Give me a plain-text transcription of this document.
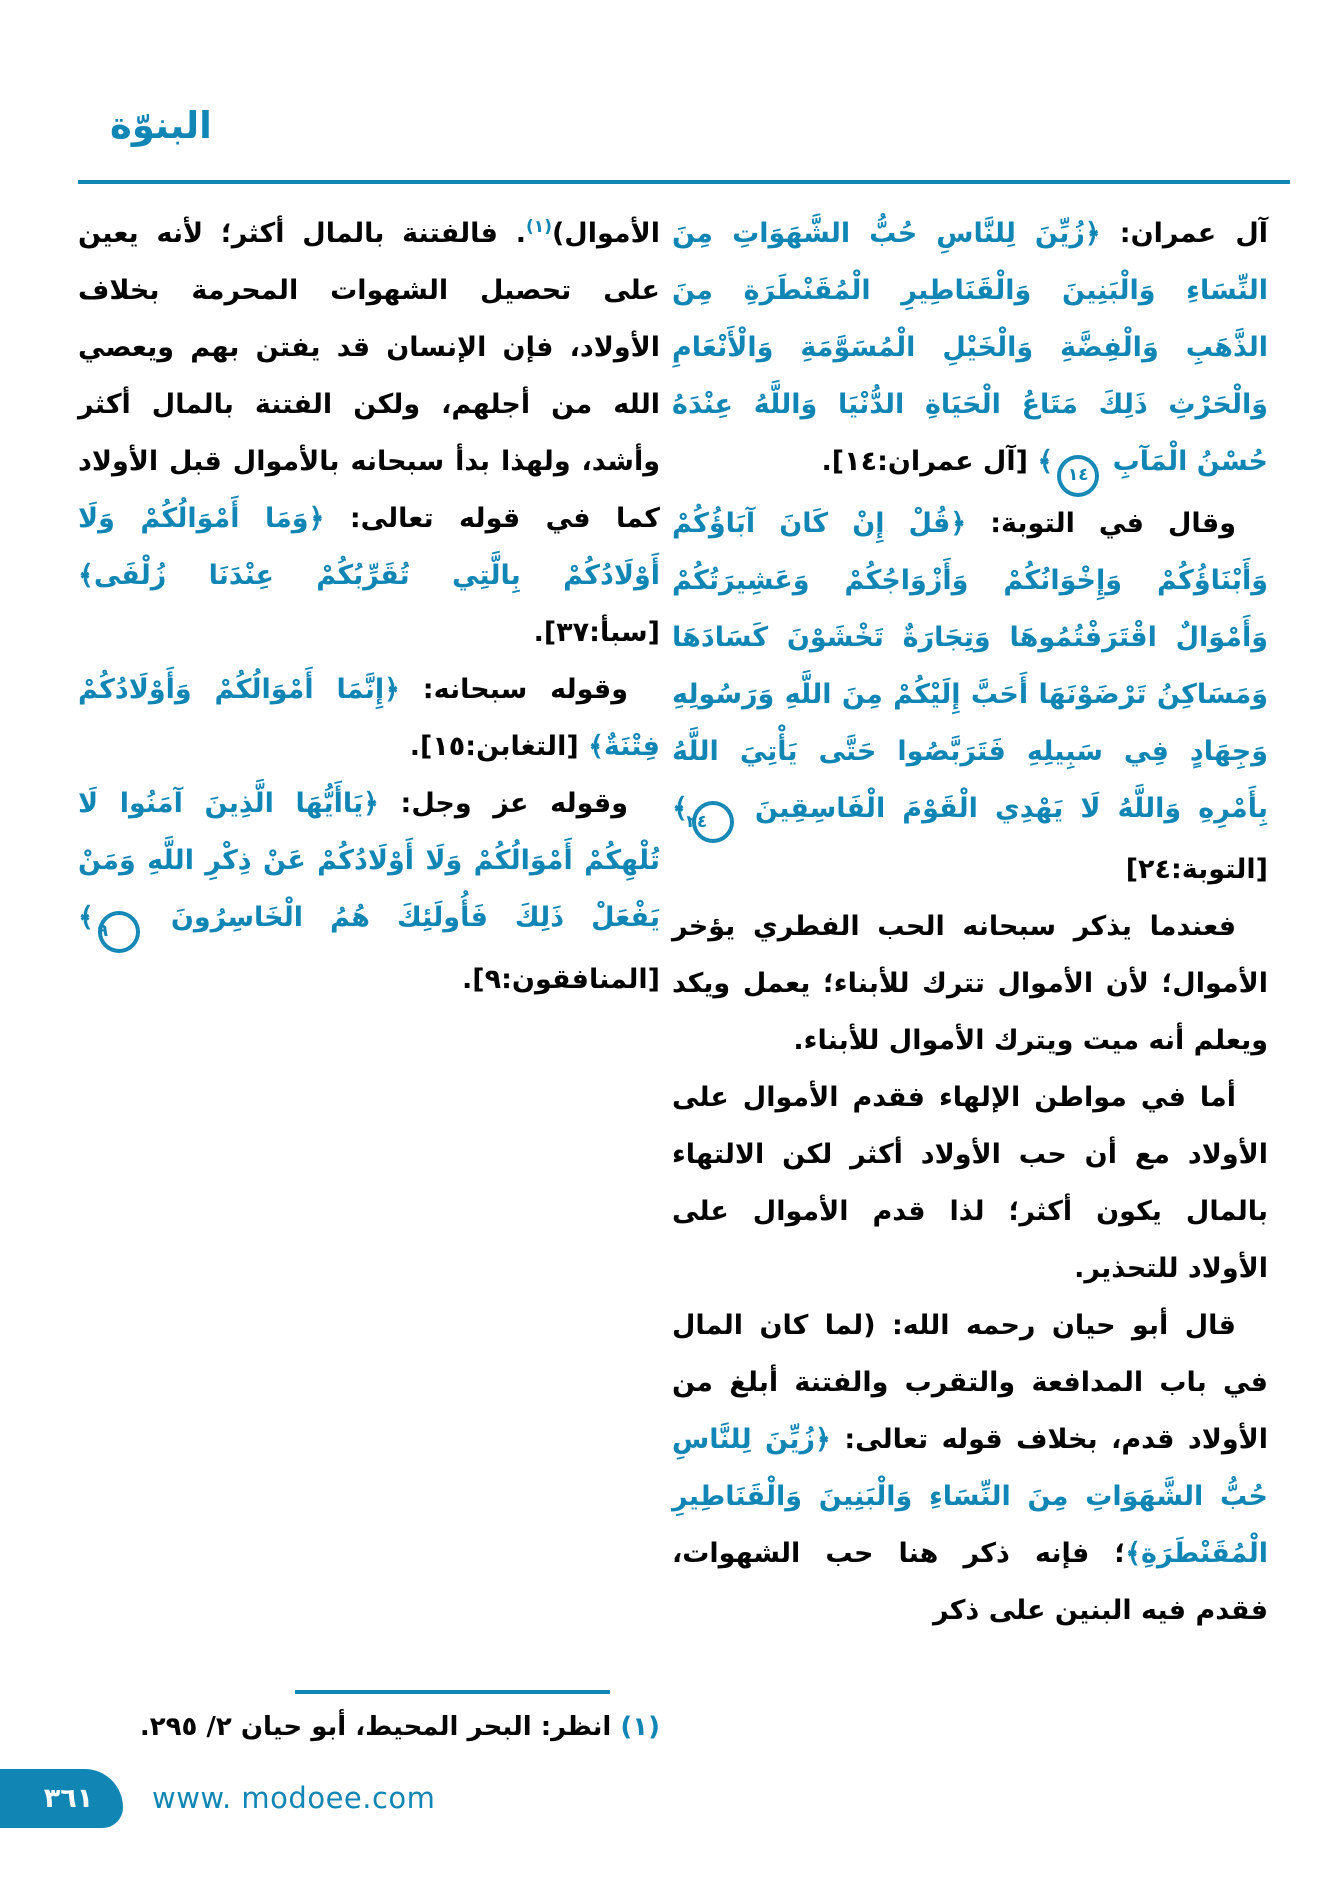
البنوّة

آل عمران: ﴿زُيِّنَ لِلنَّاسِ حُبُّ الشَّهَوَاتِ مِنَ النِّسَاءِ وَالْبَنِينَ وَالْقَنَاطِيرِ الْمُقَنْطَرَةِ مِنَ الذَّهَبِ وَالْفِضَّةِ وَالْخَيْلِ الْمُسَوَّمَةِ وَالْأَنْعَامِ وَالْحَرْثِ ذَلِكَ مَتَاعُ الْحَيَاةِ الدُّنْيَا وَاللَّهُ عِنْدَهُ حُسْنُ الْمَآبِ ١٤﴾ [آل عمران:١٤].

وقال في التوبة: ﴿قُلْ إِنْ كَانَ آبَاؤُكُمْ وَأَبْنَاؤُكُمْ وَإِخْوَانُكُمْ وَأَزْوَاجُكُمْ وَعَشِيرَتُكُمْ وَأَمْوَالٌ اقْتَرَفْتُمُوهَا وَتِجَارَةٌ تَخْشَوْنَ كَسَادَهَا وَمَسَاكِنُ تَرْضَوْنَهَا أَحَبَّ إِلَيْكُمْ مِنَ اللَّهِ وَرَسُولِهِ وَجِهَادٍ فِي سَبِيلِهِ فَتَرَبَّصُوا حَتَّى يَأْتِيَ اللَّهُ بِأَمْرِهِ وَاللَّهُ لَا يَهْدِي الْقَوْمَ الْفَاسِقِينَ ٢٤﴾ [التوبة:٢٤]

فعندما يذكر سبحانه الحب الفطري يؤخر الأموال؛ لأن الأموال تترك للأبناء؛ يعمل ويكد ويعلم أنه ميت ويترك الأموال للأبناء.

أما في مواطن الإلهاء فقدم الأموال على الأولاد مع أن حب الأولاد أكثر لكن الالتهاء بالمال يكون أكثر؛ لذا قدم الأموال على الأولاد للتحذير.

قال أبو حيان رحمه الله: (لما كان المال في باب المدافعة والتقرب والفتنة أبلغ من الأولاد قدم، بخلاف قوله تعالى: ﴿زُيِّنَ لِلنَّاسِ حُبُّ الشَّهَوَاتِ مِنَ النِّسَاءِ وَالْبَنِينَ وَالْقَنَاطِيرِ الْمُقَنْطَرَةِ﴾؛ فإنه ذكر هنا حب الشهوات، فقدم فيه البنين على ذكر

الأموال)$^{(١)}$. فالفتنة بالمال أكثر؛ لأنه يعين على تحصيل الشهوات المحرمة بخلاف الأولاد، فإن الإنسان قد يفتن بهم ويعصي الله من أجلهم، ولكن الفتنة بالمال أكثر وأشد، ولهذا بدأ سبحانه بالأموال قبل الأولاد كما في قوله تعالى: ﴿وَمَا أَمْوَالُكُمْ وَلَا أَوْلَادُكُمْ بِالَّتِي تُقَرِّبُكُمْ عِنْدَنَا زُلْفَى﴾ [سبأ:٣٧].

وقوله سبحانه: ﴿إِنَّمَا أَمْوَالُكُمْ وَأَوْلَادُكُمْ فِتْنَةٌ﴾ [التغابن:١٥].

وقوله عز وجل: ﴿يَاأَيُّهَا الَّذِينَ آمَنُوا لَا تُلْهِكُمْ أَمْوَالُكُمْ وَلَا أَوْلَادُكُمْ عَنْ ذِكْرِ اللَّهِ وَمَنْ يَفْعَلْ ذَلِكَ فَأُولَئِكَ هُمُ الْخَاسِرُونَ ٩﴾ [المنافقون:٩].

(١) انظر: البحر المحيط، أبو حيان ٢/ ٢٩٥.
٣٦١ www. modoee.com
